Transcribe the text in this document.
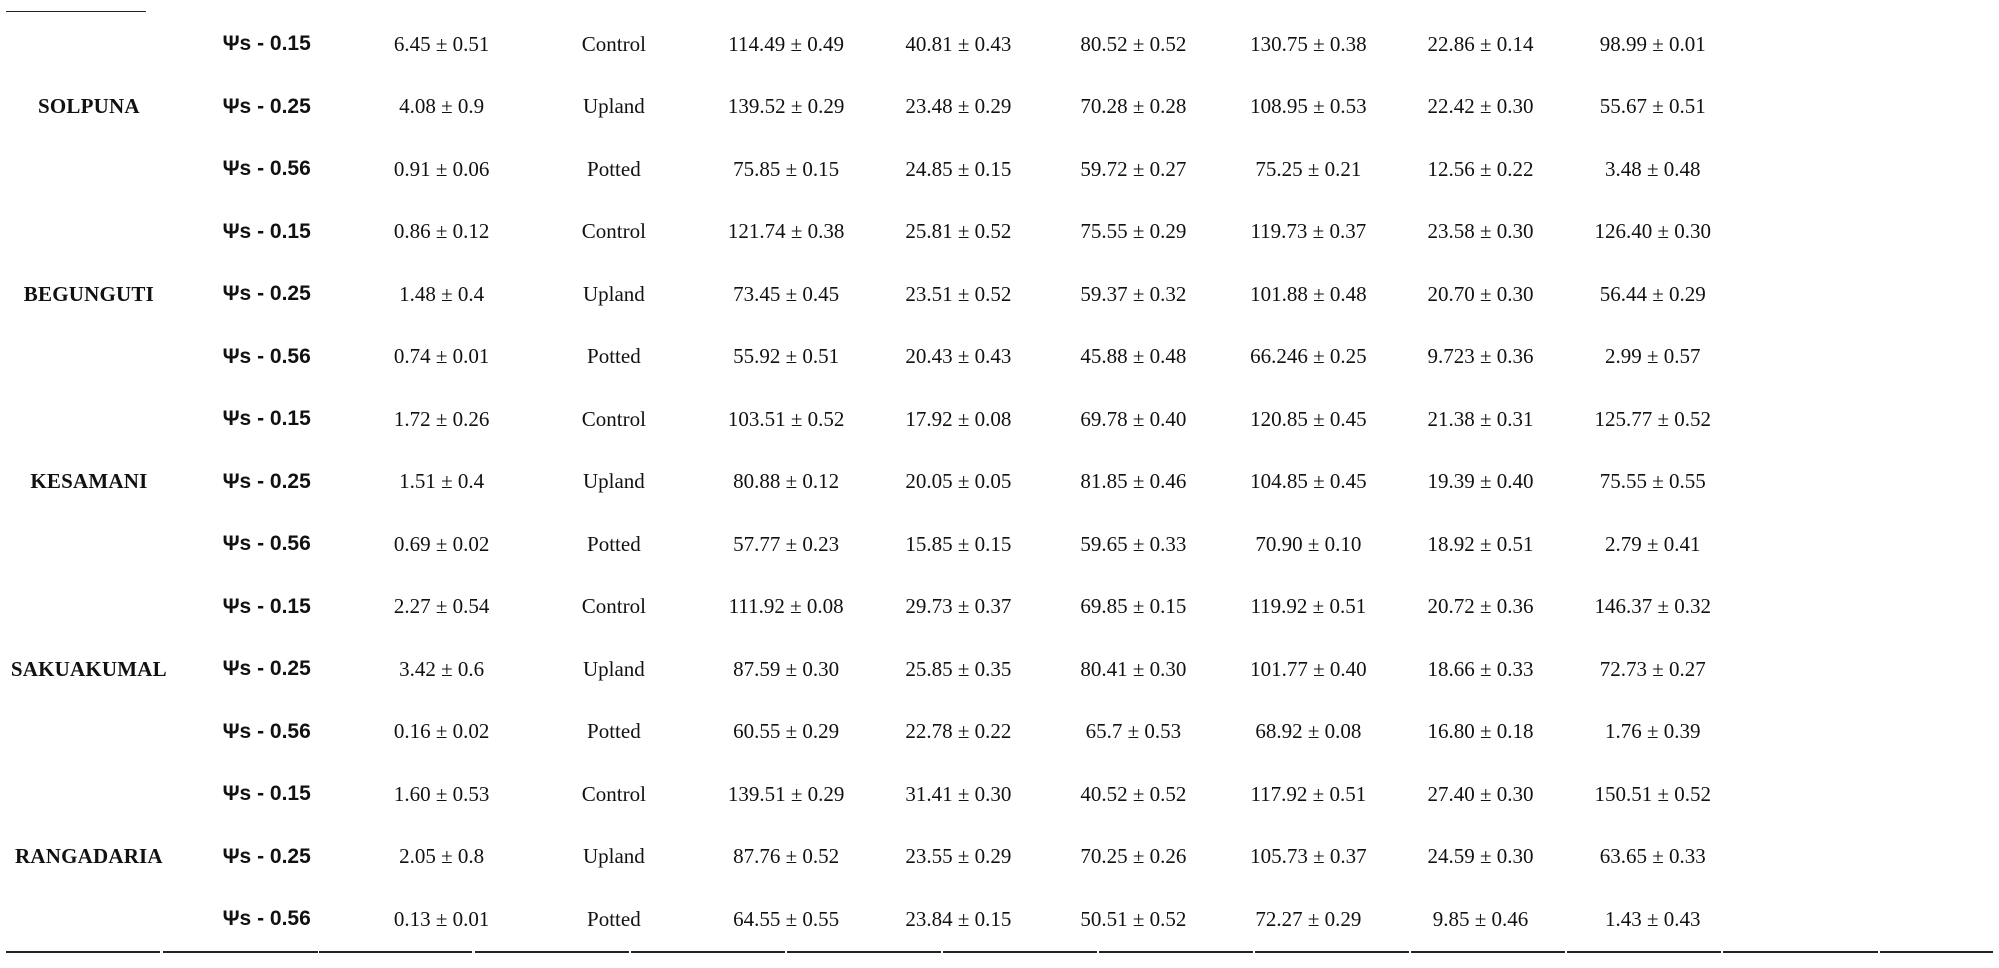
SOLPUNA	Ψs - 0.15	6.45 ± 0.51	Control	114.49 ± 0.49	40.81 ± 0.43	80.52 ± 0.52	130.75 ± 0.38	22.86 ± 0.14	98.99 ± 0.01	
	Ψs - 0.25	4.08 ± 0.9	Upland	139.52 ± 0.29	23.48 ± 0.29	70.28 ± 0.28	108.95 ± 0.53	22.42 ± 0.30	55.67 ± 0.51	
	Ψs - 0.56	0.91 ± 0.06	Potted	75.85 ± 0.15	24.85 ± 0.15	59.72 ± 0.27	75.25 ± 0.21	12.56 ± 0.22	3.48 ± 0.48	
BEGUNGUTI	Ψs - 0.15	0.86 ± 0.12	Control	121.74 ± 0.38	25.81 ± 0.52	75.55 ± 0.29	119.73 ± 0.37	23.58 ± 0.30	126.40 ± 0.30	
	Ψs - 0.25	1.48 ± 0.4	Upland	73.45 ± 0.45	23.51 ± 0.52	59.37 ± 0.32	101.88 ± 0.48	20.70 ± 0.30	56.44 ± 0.29	
	Ψs - 0.56	0.74 ± 0.01	Potted	55.92 ± 0.51	20.43 ± 0.43	45.88 ± 0.48	66.246 ± 0.25	9.723 ± 0.36	2.99 ± 0.57	
KESAMANI	Ψs - 0.15	1.72 ± 0.26	Control	103.51 ± 0.52	17.92 ± 0.08	69.78 ± 0.40	120.85 ± 0.45	21.38 ± 0.31	125.77 ± 0.52	
	Ψs - 0.25	1.51 ± 0.4	Upland	80.88 ± 0.12	20.05 ± 0.05	81.85 ± 0.46	104.85 ± 0.45	19.39 ± 0.40	75.55 ± 0.55	
	Ψs - 0.56	0.69 ± 0.02	Potted	57.77 ± 0.23	15.85 ± 0.15	59.65 ± 0.33	70.90 ± 0.10	18.92 ± 0.51	2.79 ± 0.41	
SAKUAKUMAL	Ψs - 0.15	2.27 ± 0.54	Control	111.92 ± 0.08	29.73 ± 0.37	69.85 ± 0.15	119.92 ± 0.51	20.72 ± 0.36	146.37 ± 0.32	
	Ψs - 0.25	3.42 ± 0.6	Upland	87.59 ± 0.30	25.85 ± 0.35	80.41 ± 0.30	101.77 ± 0.40	18.66 ± 0.33	72.73 ± 0.27	
	Ψs - 0.56	0.16 ± 0.02	Potted	60.55 ± 0.29	22.78 ± 0.22	65.7 ± 0.53	68.92 ± 0.08	16.80 ± 0.18	1.76 ± 0.39	
RANGADARIA	Ψs - 0.15	1.60 ± 0.53	Control	139.51 ± 0.29	31.41 ± 0.30	40.52 ± 0.52	117.92 ± 0.51	27.40 ± 0.30	150.51 ± 0.52	
	Ψs - 0.25	2.05 ± 0.8	Upland	87.76 ± 0.52	23.55 ± 0.29	70.25 ± 0.26	105.73 ± 0.37	24.59 ± 0.30	63.65 ± 0.33	
	Ψs - 0.56	0.13 ± 0.01	Potted	64.55 ± 0.55	23.84 ± 0.15	50.51 ± 0.52	72.27 ± 0.29	9.85 ± 0.46	1.43 ± 0.43	
